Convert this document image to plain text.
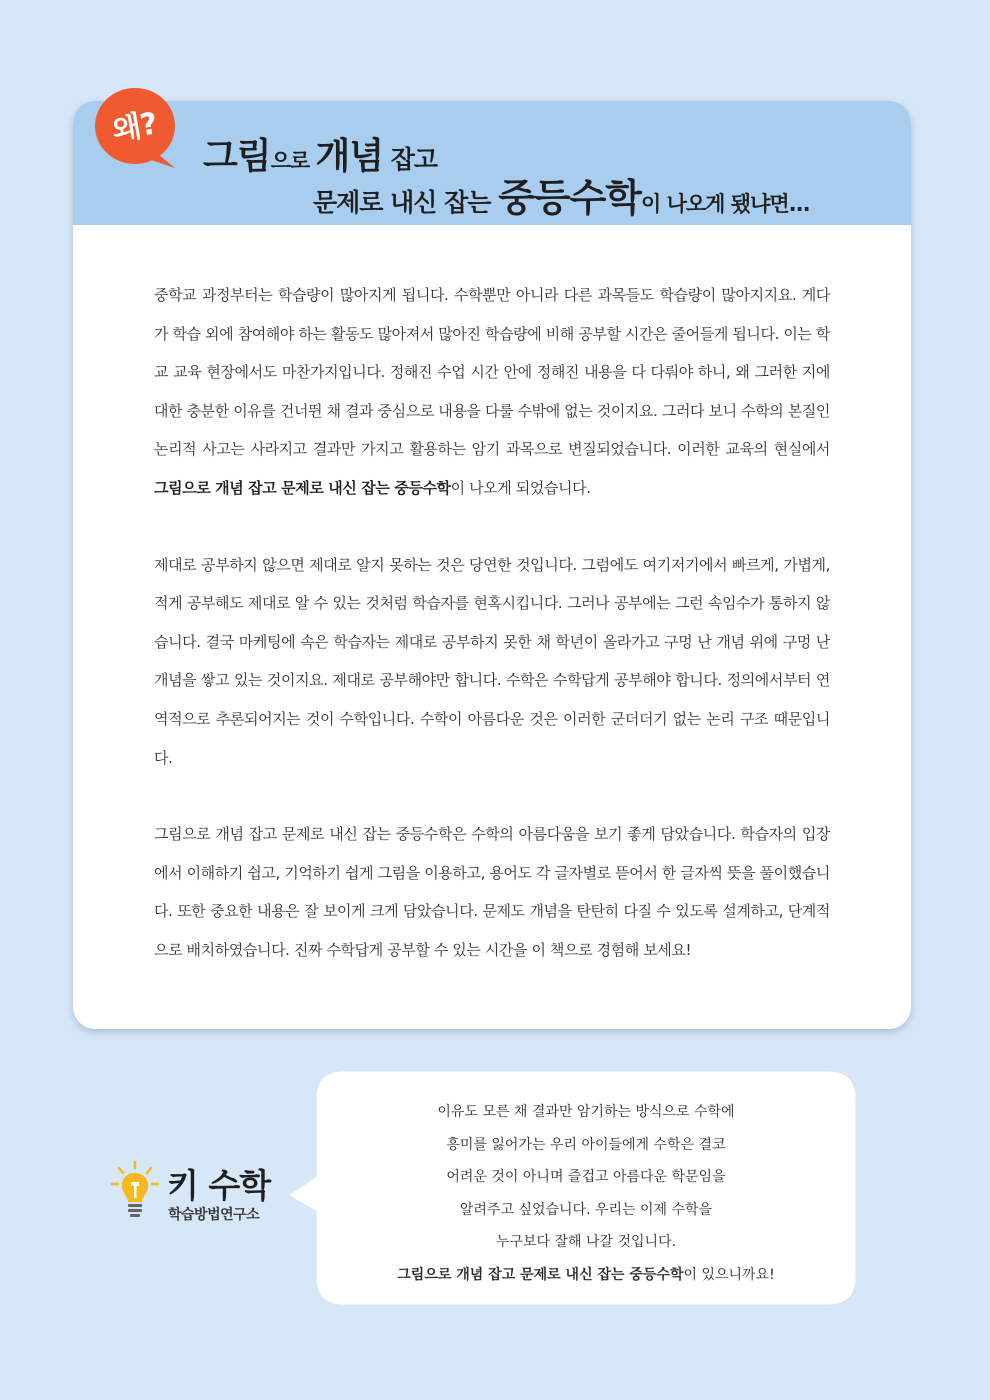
왜?
그림으로 개념 잡고
문제로 내신 잡는 중등수학이 나오게 됐냐면...

중학교 과정부터는 학습량이 많아지게 됩니다. 수학뿐만 아니라 다른 과목들도 학습량이 많아지지요. 게다가 학습 외에 참여해야 하는 활동도 많아져서 많아진 학습량에 비해 공부할 시간은 줄어들게 됩니다. 이는 학교 교육 현장에서도 마찬가지입니다. 정해진 수업 시간 안에 정해진 내용을 다 다뤄야 하니, 왜 그러한 지에 대한 충분한 이유를 건너뛴 채 결과 중심으로 내용을 다룰 수밖에 없는 것이지요. 그러다 보니 수학의 본질인 논리적 사고는 사라지고 결과만 가지고 활용하는 암기 과목으로 변질되었습니다. 이러한 교육의 현실에서 그림으로 개념 잡고 문제로 내신 잡는 중등수학이 나오게 되었습니다.

제대로 공부하지 않으면 제대로 알지 못하는 것은 당연한 것입니다. 그럼에도 여기저기에서 빠르게, 가볍게, 적게 공부해도 제대로 알 수 있는 것처럼 학습자를 현혹시킵니다. 그러나 공부에는 그런 속임수가 통하지 않습니다. 결국 마케팅에 속은 학습자는 제대로 공부하지 못한 채 학년이 올라가고 구멍 난 개념 위에 구멍 난 개념을 쌓고 있는 것이지요. 제대로 공부해야만 합니다. 수학은 수학답게 공부해야 합니다. 정의에서부터 연역적으로 추론되어지는 것이 수학입니다. 수학이 아름다운 것은 이러한 군더더기 없는 논리 구조 때문입니다.

그림으로 개념 잡고 문제로 내신 잡는 중등수학은 수학의 아름다움을 보기 좋게 담았습니다. 학습자의 입장에서 이해하기 쉽고, 기억하기 쉽게 그림을 이용하고, 용어도 각 글자별로 뜯어서 한 글자씩 뜻을 풀이했습니다. 또한 중요한 내용은 잘 보이게 크게 담았습니다. 문제도 개념을 탄탄히 다질 수 있도록 설계하고, 단계적으로 배치하였습니다. 진짜 수학답게 공부할 수 있는 시간을 이 책으로 경험해 보세요!

키 수학
학습방법연구소
이유도 모른 채 결과만 암기하는 방식으로 수학에
흥미를 잃어가는 우리 아이들에게 수학은 결코
어려운 것이 아니며 즐겁고 아름다운 학문임을
알려주고 싶었습니다. 우리는 이제 수학을
누구보다 잘해 나갈 것입니다.
그림으로 개념 잡고 문제로 내신 잡는 중등수학이 있으니까요!
